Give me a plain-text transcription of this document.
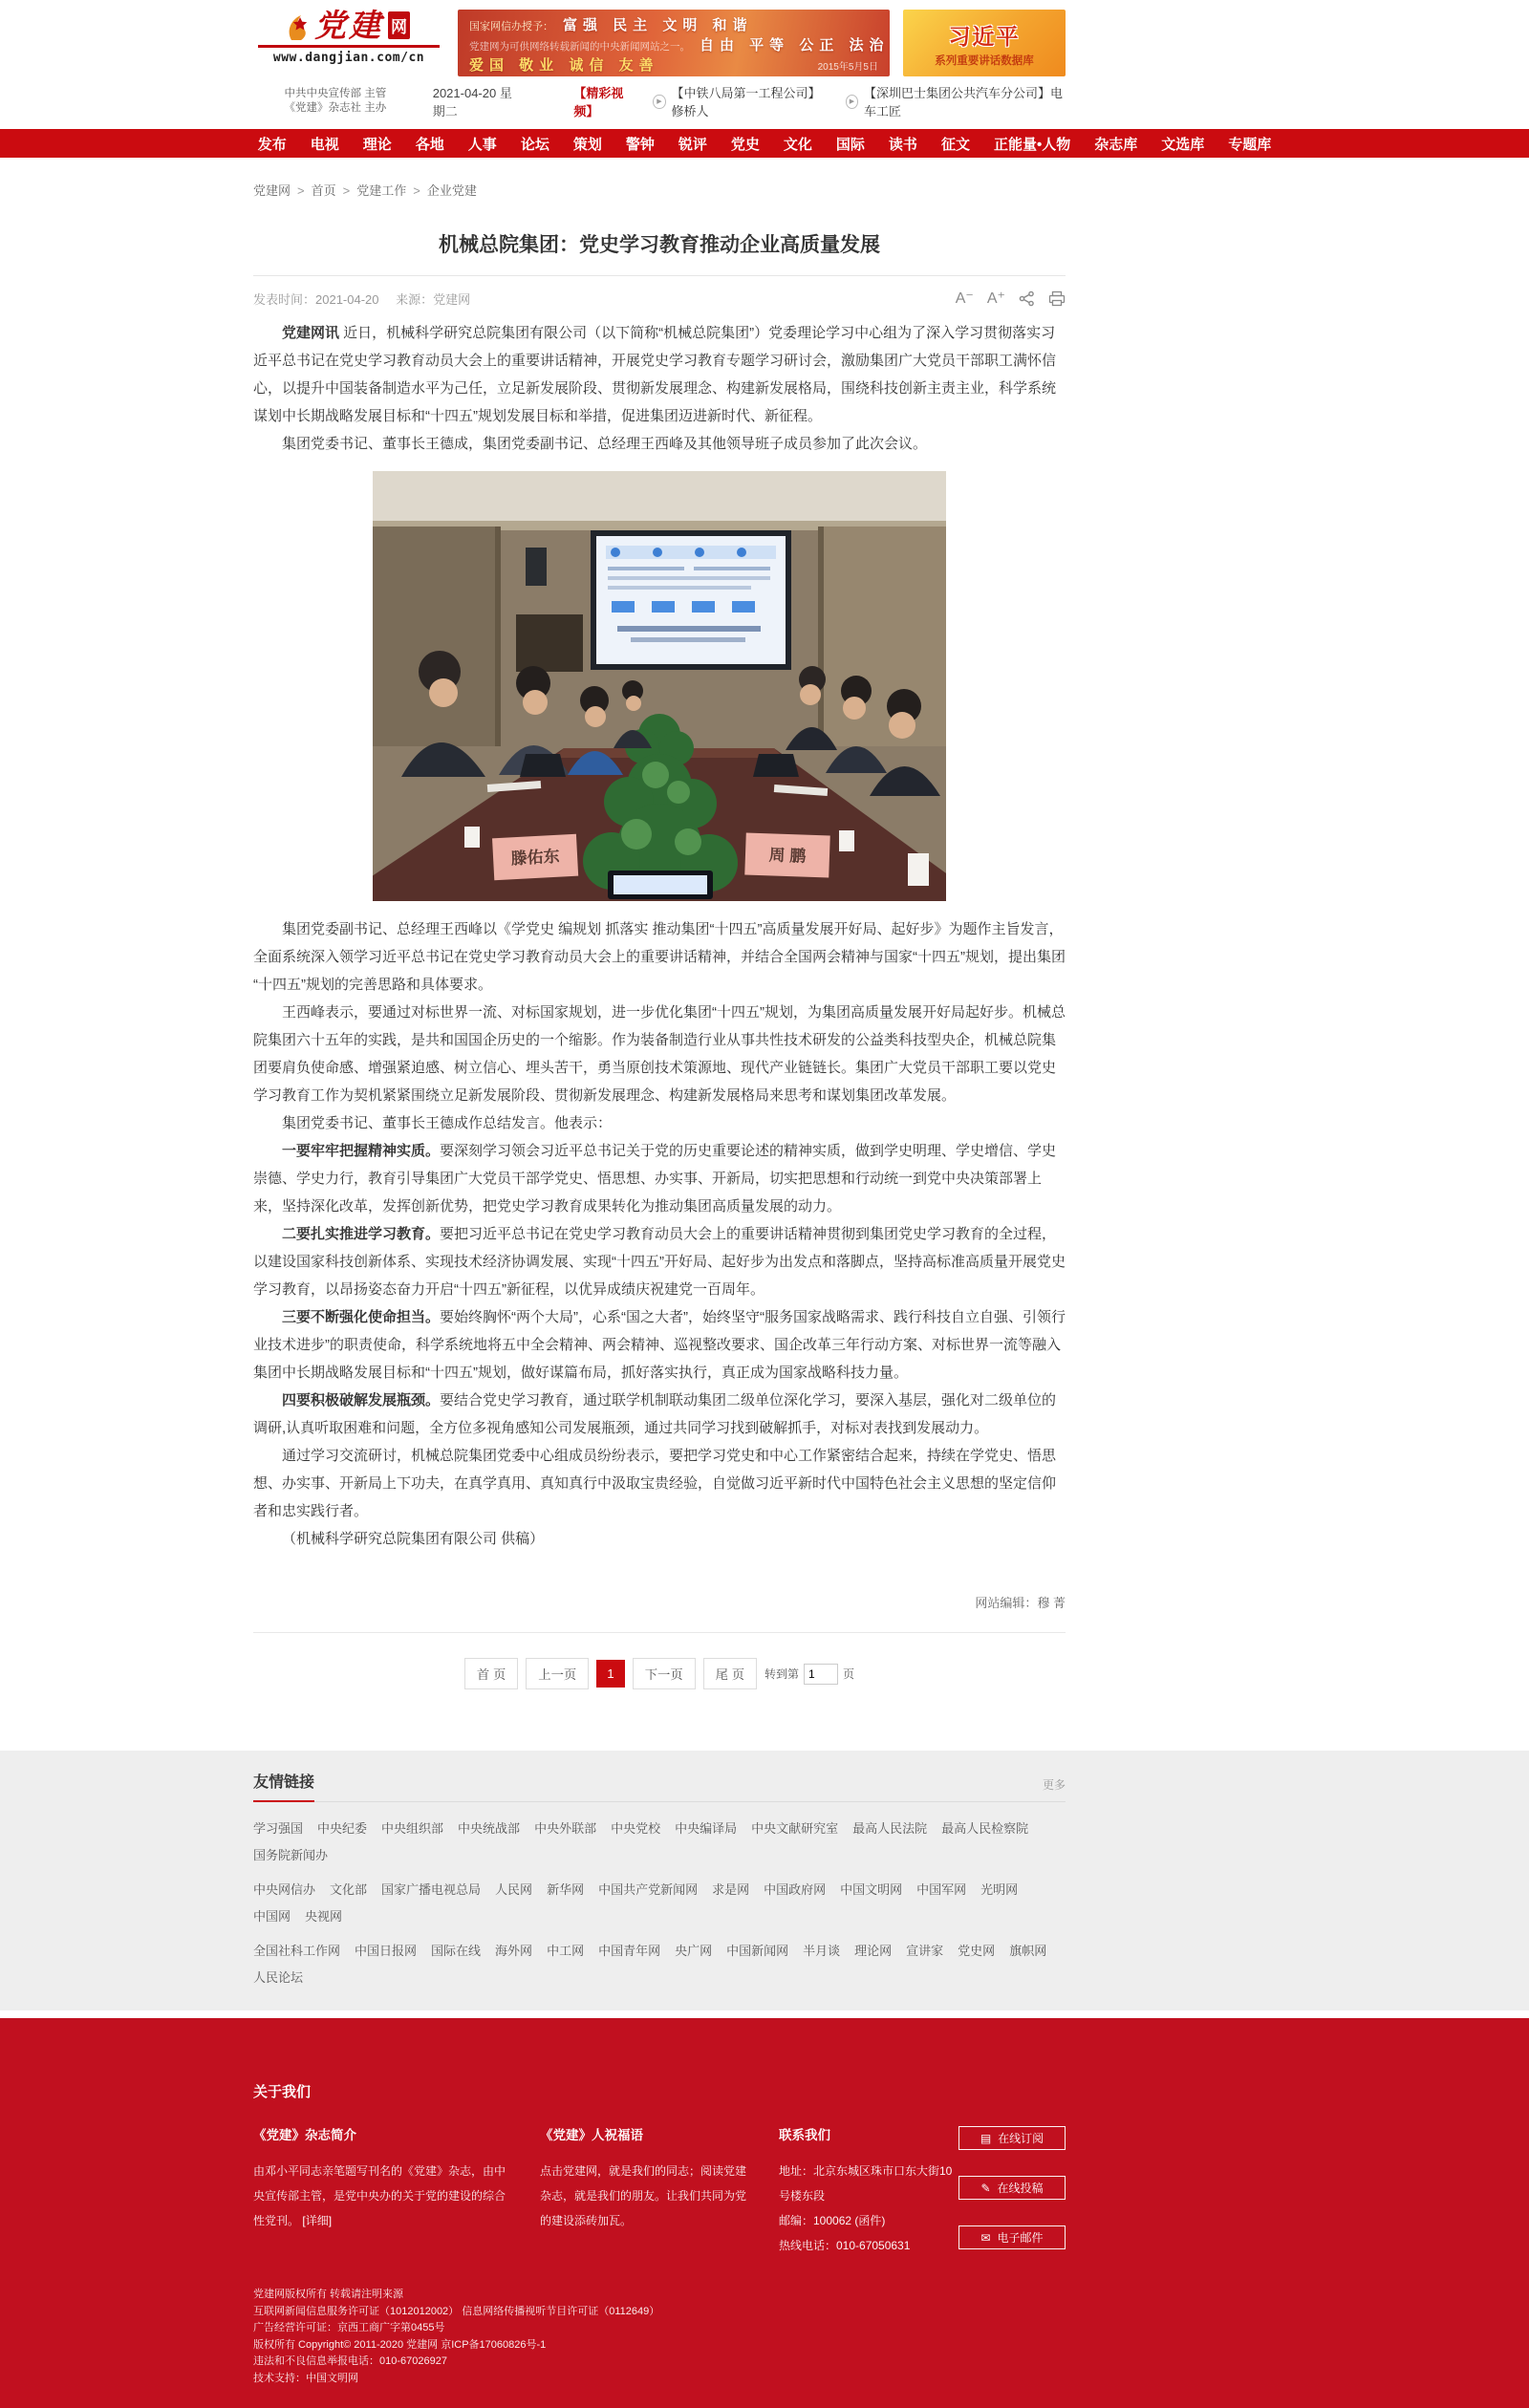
党建 网
www.dangjian.com/cn
国家网信办授予： 富强 民主 文明 和谐
党建网为可供网络转载新闻的中央新闻网站之一。 自由 平等 公正 法治
爱国 敬业 诚信 友善	2015年5月5日
习近平
系列重要讲话数据库
中共中央宣传部 主管
《党建》杂志社 主办
2021-04-20 星期二
【精彩视频】
▶
【中铁八局第一工程公司】修桥人
▶
【深圳巴士集团公共汽车分公司】电车工匠
发布 电视 理论 各地 人事 论坛 策划 警钟 锐评 党史 文化 国际 读书 征文 正能量•人物 杂志库 文选库 专题库
党建网 > 首页 > 党建工作 > 企业党建
机械总院集团：党史学习教育推动企业高质量发展
发表时间：2021-04-20 来源：党建网	A⁻ A⁺

党建网讯 近日，机械科学研究总院集团有限公司（以下简称“机械总院集团”）党委理论学习中心组为了深入学习贯彻落实习近平总书记在党史学习教育动员大会上的重要讲话精神，开展党史学习教育专题学习研讨会，激励集团广大党员干部职工满怀信心，以提升中国装备制造水平为己任，立足新发展阶段、贯彻新发展理念、构建新发展格局，围绕科技创新主责主业，科学系统谋划中长期战略发展目标和“十四五”规划发展目标和举措，促进集团迈进新时代、新征程。

集团党委书记、董事长王德成，集团党委副书记、总经理王西峰及其他领导班子成员参加了此次会议。

滕佑东	周 鹏

集团党委副书记、总经理王西峰以《学党史 编规划 抓落实 推动集团“十四五”高质量发展开好局、起好步》为题作主旨发言，全面系统深入领学习近平总书记在党史学习教育动员大会上的重要讲话精神，并结合全国两会精神与国家“十四五”规划，提出集团“十四五”规划的完善思路和具体要求。

王西峰表示，要通过对标世界一流、对标国家规划，进一步优化集团“十四五”规划，为集团高质量发展开好局起好步。机械总院集团六十五年的实践，是共和国国企历史的一个缩影。作为装备制造行业从事共性技术研发的公益类科技型央企，机械总院集团要肩负使命感、增强紧迫感、树立信心、埋头苦干，勇当原创技术策源地、现代产业链链长。集团广大党员干部职工要以党史学习教育工作为契机紧紧围绕立足新发展阶段、贯彻新发展理念、构建新发展格局来思考和谋划集团改革发展。

集团党委书记、董事长王德成作总结发言。他表示：

一要牢牢把握精神实质。要深刻学习领会习近平总书记关于党的历史重要论述的精神实质，做到学史明理、学史增信、学史崇德、学史力行，教育引导集团广大党员干部学党史、悟思想、办实事、开新局，切实把思想和行动统一到党中央决策部署上来，坚持深化改革，发挥创新优势，把党史学习教育成果转化为推动集团高质量发展的动力。

二要扎实推进学习教育。要把习近平总书记在党史学习教育动员大会上的重要讲话精神贯彻到集团党史学习教育的全过程，以建设国家科技创新体系、实现技术经济协调发展、实现“十四五”开好局、起好步为出发点和落脚点，坚持高标准高质量开展党史学习教育，以昂扬姿态奋力开启“十四五”新征程，以优异成绩庆祝建党一百周年。

三要不断强化使命担当。要始终胸怀“两个大局”，心系“国之大者”，始终坚守“服务国家战略需求、践行科技自立自强、引领行业技术进步”的职责使命，科学系统地将五中全会精神、两会精神、巡视整改要求、国企改革三年行动方案、对标世界一流等融入集团中长期战略发展目标和“十四五”规划，做好谋篇布局，抓好落实执行，真正成为国家战略科技力量。

四要积极破解发展瓶颈。要结合党史学习教育，通过联学机制联动集团二级单位深化学习，要深入基层，强化对二级单位的调研,认真听取困难和问题，全方位多视角感知公司发展瓶颈，通过共同学习找到破解抓手，对标对表找到发展动力。

通过学习交流研讨，机械总院集团党委中心组成员纷纷表示，要把学习党史和中心工作紧密结合起来，持续在学党史、悟思想、办实事、开新局上下功夫，在真学真用、真知真行中汲取宝贵经验，自觉做习近平新时代中国特色社会主义思想的坚定信仰者和忠实践行者。

（机械科学研究总院集团有限公司 供稿）

网站编辑：穆 菁
首 页	上一页	1	下一页	尾 页	转到第
1	页
友情链接	更多
学习强国 中央纪委 中央组织部 中央统战部 中央外联部 中央党校 中央编译局 中央文献研究室 最高人民法院 最高人民检察院
国务院新闻办
中央网信办 文化部 国家广播电视总局 人民网 新华网 中国共产党新闻网 求是网 中国政府网 中国文明网 中国军网 光明网
中国网 央视网
全国社科工作网 中国日报网 国际在线 海外网 中工网 中国青年网 央广网 中国新闻网 半月谈 理论网 宣讲家 党史网 旗帜网
人民论坛
关于我们
《党建》杂志简介

由邓小平同志亲笔题写刊名的《党建》杂志，由中央宣传部主管，是党中央办的关于党的建设的综合性党刊。 [详细]

《党建》人祝福语

点击党建网，就是我们的同志；阅读党建杂志，就是我们的朋友。让我们共同为党的建设添砖加瓦。

联系我们
地址：北京东城区珠市口东大街10号楼东段
邮编：100062 (函件)
热线电话：010-67050631
▤ 在线订阅
✎ 在线投稿
✉ 电子邮件
党建网版权所有 转载请注明来源
互联网新闻信息服务许可证（1012012002） 信息网络传播视听节目许可证（0112649）
广告经营许可证：京西工商广字第0455号
版权所有 Copyright© 2011-2020 党建网 京ICP备17060826号-1
违法和不良信息举报电话：010-67026927
技术支持：中国文明网
